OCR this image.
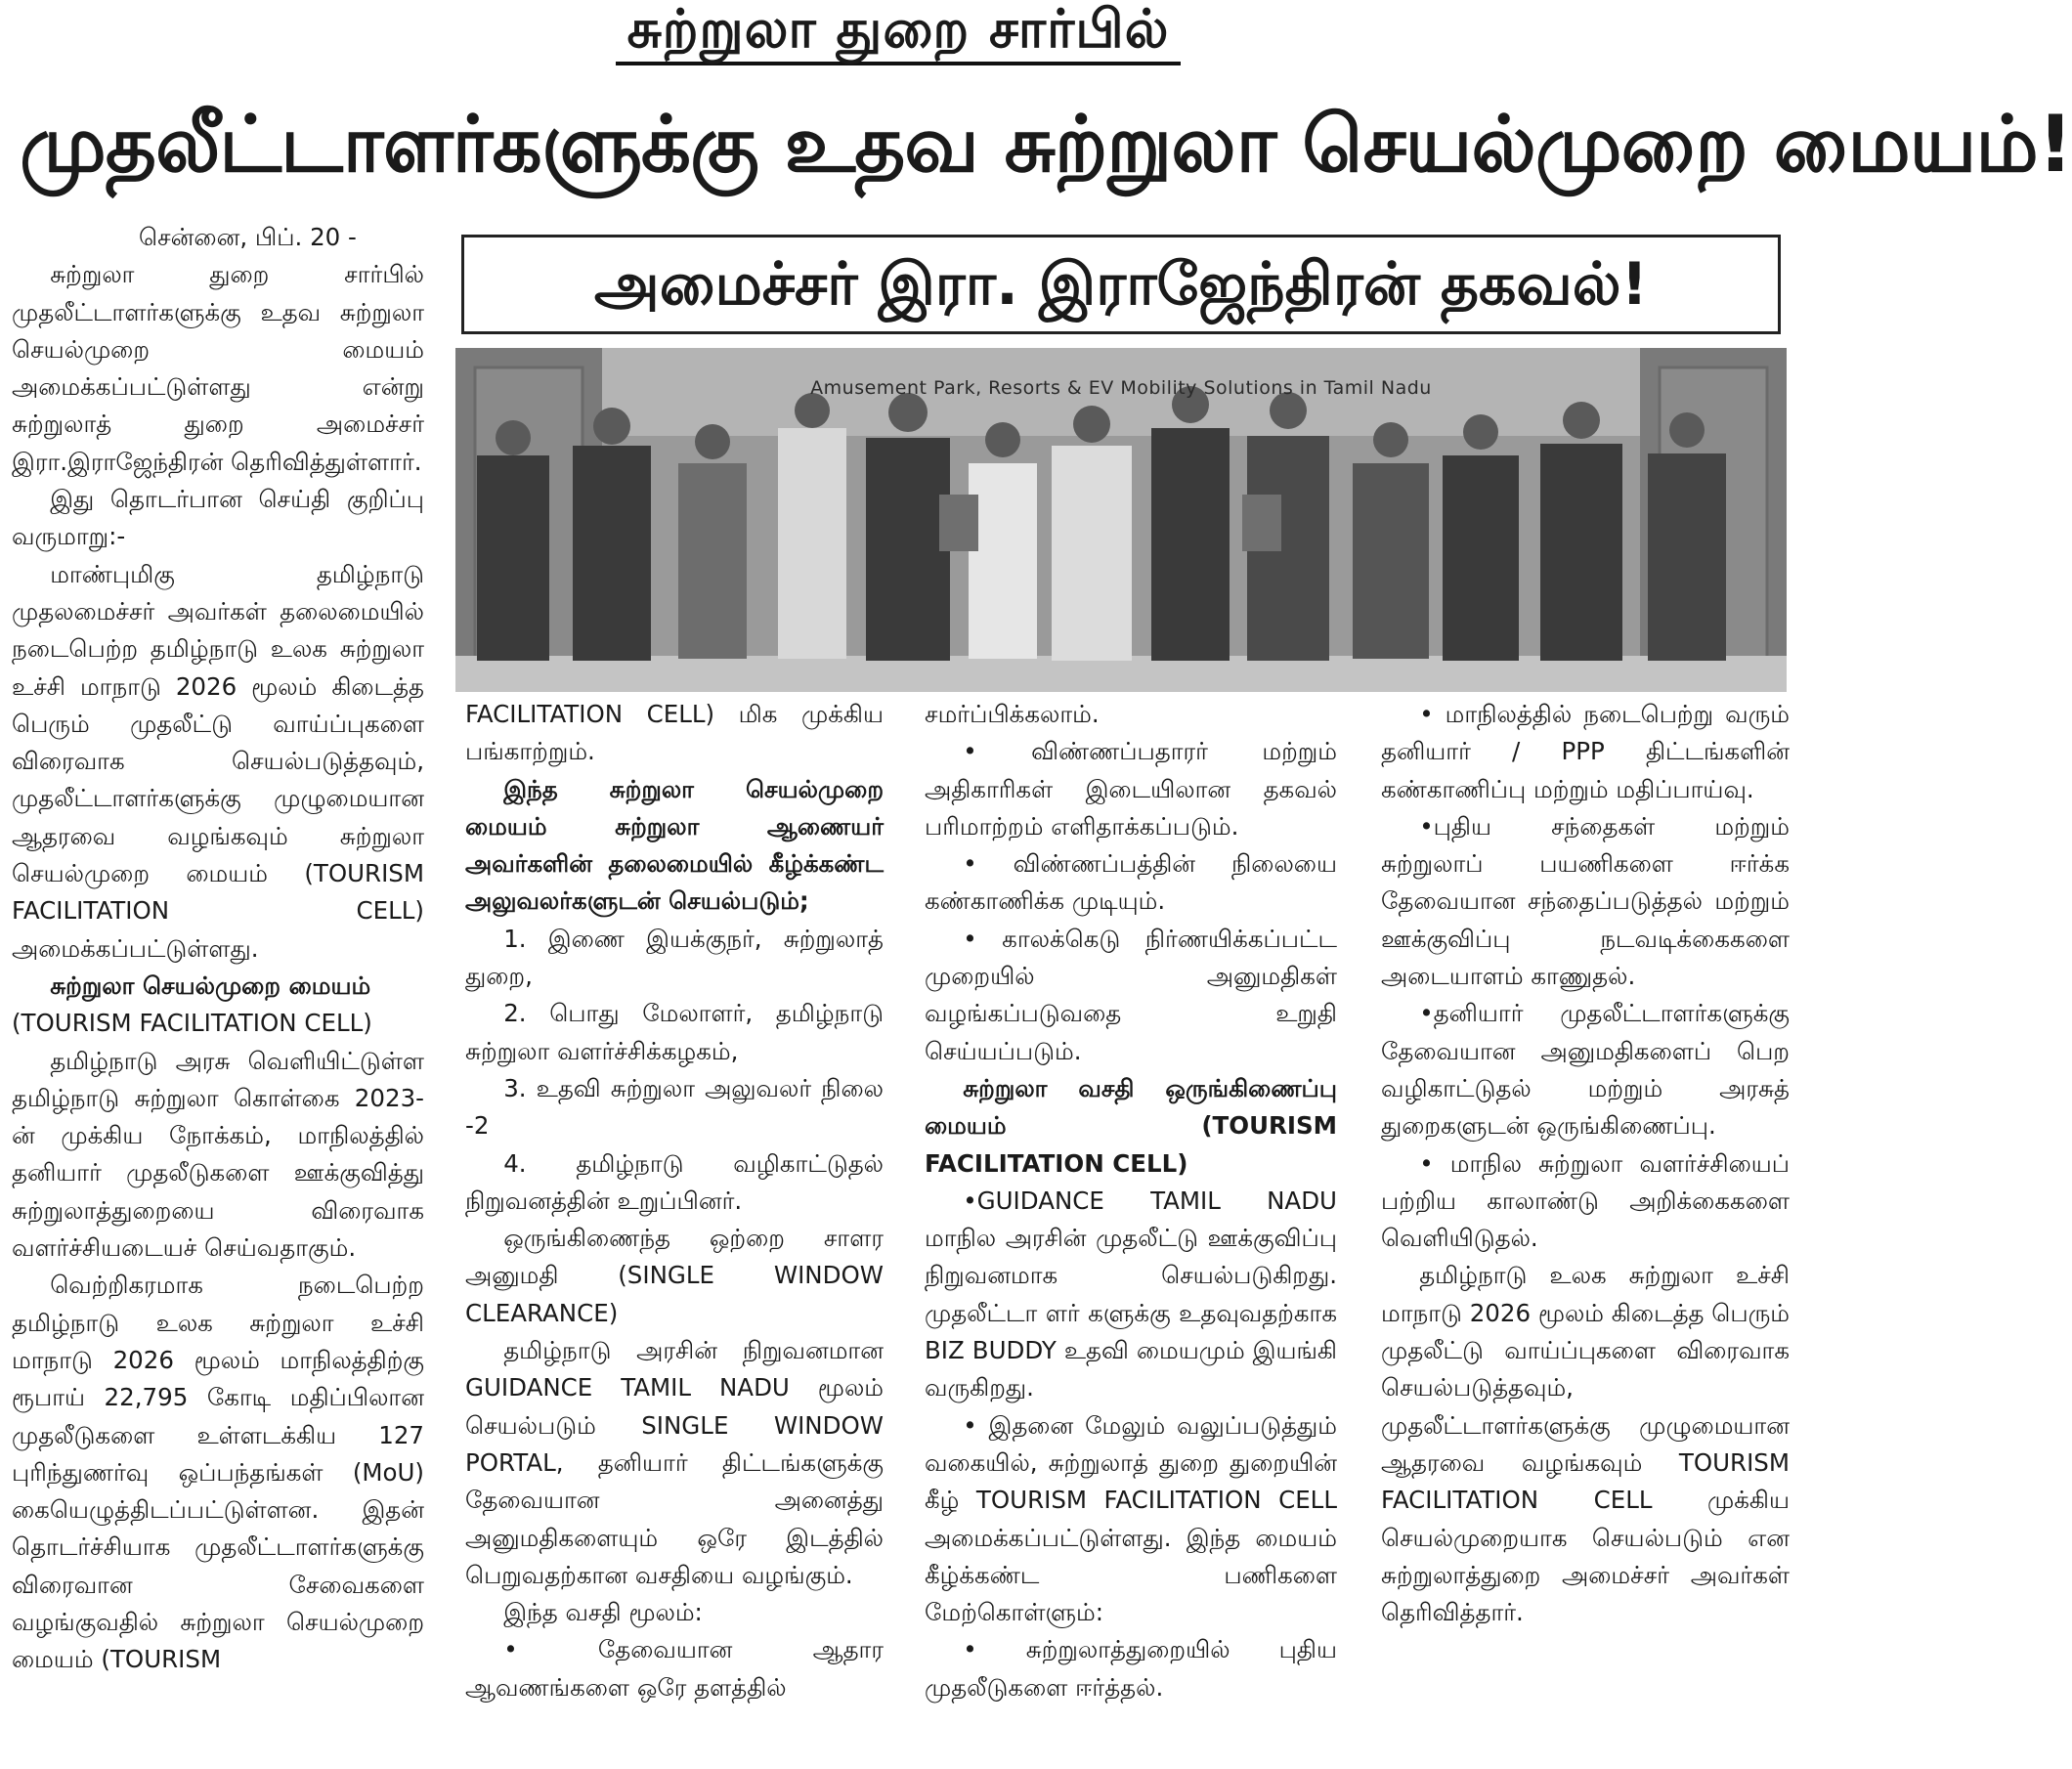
சுற்றுலா துறை சார்பில்
முதலீட்டாளர்களுக்கு உதவ சுற்றுலா செயல்முறை மையம்!
அமைச்சர் இரா. இராஜேந்திரன் தகவல்!
Amusement Park, Resorts & EV Mobility Solutions in Tamil Nadu

சென்னை, பிப். 20 -

சுற்றுலா துறை சார்பில் முதலீட்டாளர்களுக்கு உதவ சுற்றுலா செயல்முறை மையம் அமைக்கப்பட்டுள்ளது என்று சுற்றுலாத் துறை அமைச்சர் இரா.இராஜேந்திரன் தெரிவித்துள்ளார்.

இது தொடர்பான செய்தி குறிப்பு வருமாறு:-

மாண்புமிகு தமிழ்நாடு முதலமைச்சர் அவர்கள் தலைமையில் நடைபெற்ற தமிழ்நாடு உலக சுற்றுலா உச்சி மாநாடு 2026 மூலம் கிடைத்த பெரும் முதலீட்டு வாய்ப்புகளை விரைவாக செயல்படுத்தவும், முதலீட்டாளர்களுக்கு முழுமையான ஆதரவை வழங்கவும் சுற்றுலா செயல்முறை மையம் (TOURISM FACILITATION CELL) அமைக்கப்பட்டுள்ளது.

சுற்றுலா செயல்முறை மையம்

(TOURISM FACILITATION CELL)

தமிழ்நாடு அரசு வெளியிட்டுள்ள தமிழ்நாடு சுற்றுலா கொள்கை 2023-ன் முக்கிய நோக்கம், மாநிலத்தில் தனியார் முதலீடுகளை ஊக்குவித்து சுற்றுலாத்துறையை விரைவாக வளர்ச்சியடையச் செய்வதாகும்.

வெற்றிகரமாக நடைபெற்ற தமிழ்நாடு உலக சுற்றுலா உச்சி மாநாடு 2026 மூலம் மாநிலத்திற்கு ரூபாய் 22,795 கோடி மதிப்பிலான முதலீடுகளை உள்ளடக்கிய 127 புரிந்துணர்வு ஒப்பந்தங்கள் (MoU) கையெழுத்திடப்பட்டுள்ளன. இதன் தொடர்ச்சியாக முதலீட்டாளர்களுக்கு விரைவான சேவைகளை வழங்குவதில் சுற்றுலா செயல்முறை மையம் (TOURISM

FACILITATION CELL) மிக முக்கிய பங்காற்றும்.

இந்த சுற்றுலா செயல்முறை மையம் சுற்றுலா ஆணையர் அவர்களின் தலைமையில் கீழ்க்கண்ட அலுவலர்களுடன் செயல்படும்;

1. இணை இயக்குநர், சுற்றுலாத் துறை,

2. பொது மேலாளர், தமிழ்நாடு சுற்றுலா வளர்ச்சிக்கழகம்,

3. உதவி சுற்றுலா அலுவலர் நிலை -2

4. தமிழ்நாடு வழிகாட்டுதல் நிறுவனத்தின் உறுப்பினர்.

ஒருங்கிணைந்த ஒற்றை சாளர அனுமதி (SINGLE WINDOW CLEARANCE)

தமிழ்நாடு அரசின் நிறுவனமான GUIDANCE TAMIL NADU மூலம் செயல்படும் SINGLE WINDOW PORTAL, தனியார் திட்டங்களுக்கு தேவையான அனைத்து அனுமதிகளையும் ஒரே இடத்தில் பெறுவதற்கான வசதியை வழங்கும்.

இந்த வசதி மூலம்:

• தேவையான ஆதார ஆவணங்களை ஒரே தளத்தில்

சமர்ப்பிக்கலாம்.

• விண்ணப்பதாரர் மற்றும் அதிகாரிகள் இடையிலான தகவல் பரிமாற்றம் எளிதாக்கப்படும்.

• விண்ணப்பத்தின் நிலையை கண்காணிக்க முடியும்.

• காலக்கெடு நிர்ணயிக்கப்பட்ட முறையில் அனுமதிகள் வழங்கப்படுவதை உறுதி செய்யப்படும்.

சுற்றுலா வசதி ஒருங்கிணைப்பு மையம் (TOURISM FACILITATION CELL)

•GUIDANCE TAMIL NADU மாநில அரசின் முதலீட்டு ஊக்குவிப்பு நிறுவனமாக செயல்படுகிறது. முதலீட்டா ளர் களுக்கு உதவுவதற்காக BIZ BUDDY உதவி மையமும் இயங்கி வருகிறது.

• இதனை மேலும் வலுப்படுத்தும் வகையில், சுற்றுலாத் துறை துறையின் கீழ் TOURISM FACILITATION CELL அமைக்கப்பட்டுள்ளது. இந்த மையம் கீழ்க்கண்ட பணிகளை மேற்கொள்ளும்:

• சுற்றுலாத்துறையில் புதிய முதலீடுகளை ஈர்த்தல்.

• மாநிலத்தில் நடைபெற்று வரும் தனியார் / PPP திட்டங்களின் கண்காணிப்பு மற்றும் மதிப்பாய்வு.

•புதிய சந்தைகள் மற்றும் சுற்றுலாப் பயணிகளை ஈர்க்க தேவையான சந்தைப்படுத்தல் மற்றும் ஊக்குவிப்பு நடவடிக்கைகளை அடையாளம் காணுதல்.

•தனியார் முதலீட்டாளர்களுக்கு தேவையான அனுமதிகளைப் பெற வழிகாட்டுதல் மற்றும் அரசுத் துறைகளுடன் ஒருங்கிணைப்பு.

• மாநில சுற்றுலா வளர்ச்சியைப் பற்றிய காலாண்டு அறிக்கைகளை வெளியிடுதல்.

தமிழ்நாடு உலக சுற்றுலா உச்சி மாநாடு 2026 மூலம் கிடைத்த பெரும் முதலீட்டு வாய்ப்புகளை விரைவாக செயல்படுத்தவும், முதலீட்டாளர்களுக்கு முழுமையான ஆதரவை வழங்கவும் TOURISM FACILITATION CELL முக்கிய செயல்முறையாக செயல்படும் என சுற்றுலாத்துறை அமைச்சர் அவர்கள் தெரிவித்தார்.
